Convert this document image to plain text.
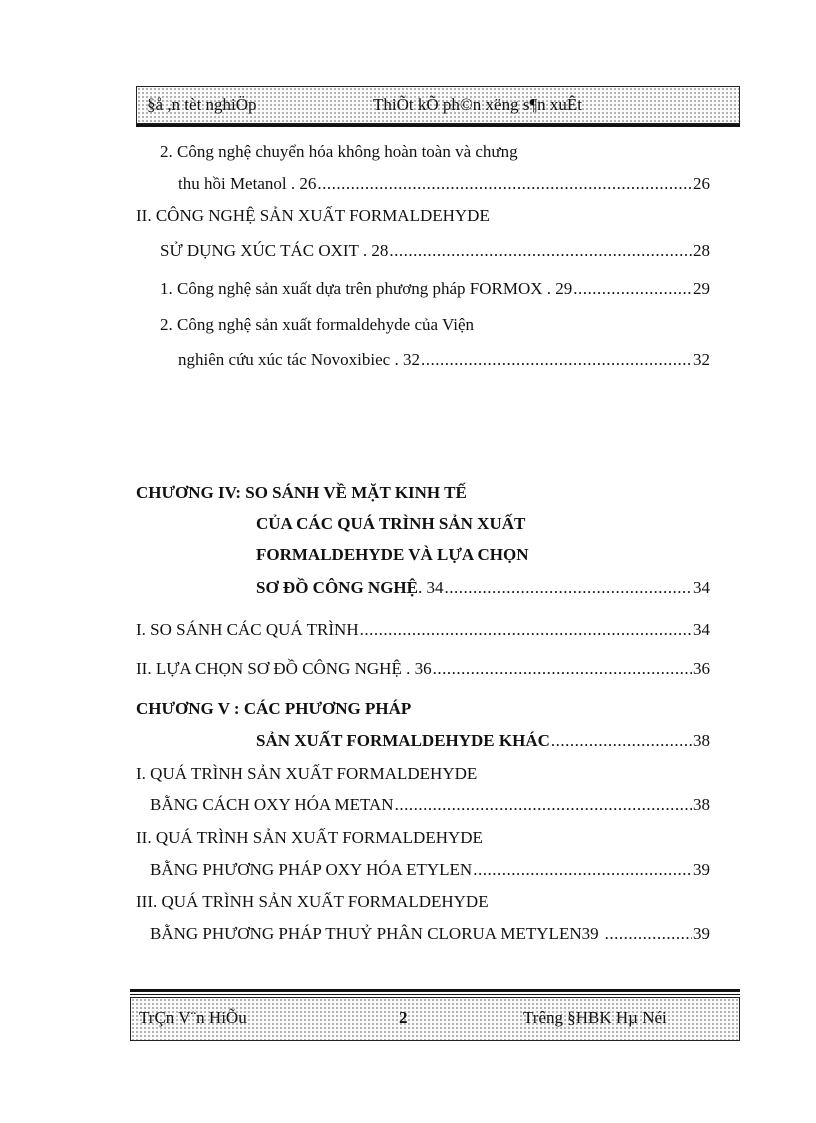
§å ,n tèt nghiÖp	ThiÕt kÕ ph©n xëng s¶n xuÊt
2. Công nghệ chuyển hóa không hoàn toàn và chưng
thu hồi Metanol . 26 .....	26
II. CÔNG NGHỆ SẢN XUẤT FORMALDEHYDE
SỬ DỤNG XÚC TÁC OXIT . 28 .....	28
1. Công nghệ sản xuất dựa trên phương pháp FORMOX . 29 .....	29
2. Công nghệ sản xuất formaldehyde của Viện
nghiên cứu xúc tác Novoxibiec . 32 .....	32
CHƯƠNG IV: SO SÁNH VỀ MẶT KINH TẾ
CỦA CÁC QUÁ TRÌNH SẢN XUẤT
FORMALDEHYDE VÀ LỰA CHỌN
SƠ ĐỒ CÔNG NGHỆ . 34 .....	34
I. SO SÁNH CÁC QUÁ TRÌNH .....	34
II. LỰA CHỌN SƠ ĐỒ CÔNG NGHỆ . 36 .....	36
CHƯƠNG V : CÁC PHƯƠNG PHÁP
SẢN XUẤT FORMALDEHYDE KHÁC .....	38
I. QUÁ TRÌNH SẢN XUẤT FORMALDEHYDE
BẰNG CÁCH OXY HÓA METAN .....	38
II. QUÁ TRÌNH SẢN XUẤT FORMALDEHYDE
BẰNG PHƯƠNG PHÁP OXY HÓA ETYLEN .....	39
III. QUÁ TRÌNH SẢN XUẤT FORMALDEHYDE
BẰNG PHƯƠNG PHÁP THUỶ PHÂN CLORUA METYLEN39 .....	39
TrÇn V¨n HiÕu	2	Trêng §HBK Hµ Néi
